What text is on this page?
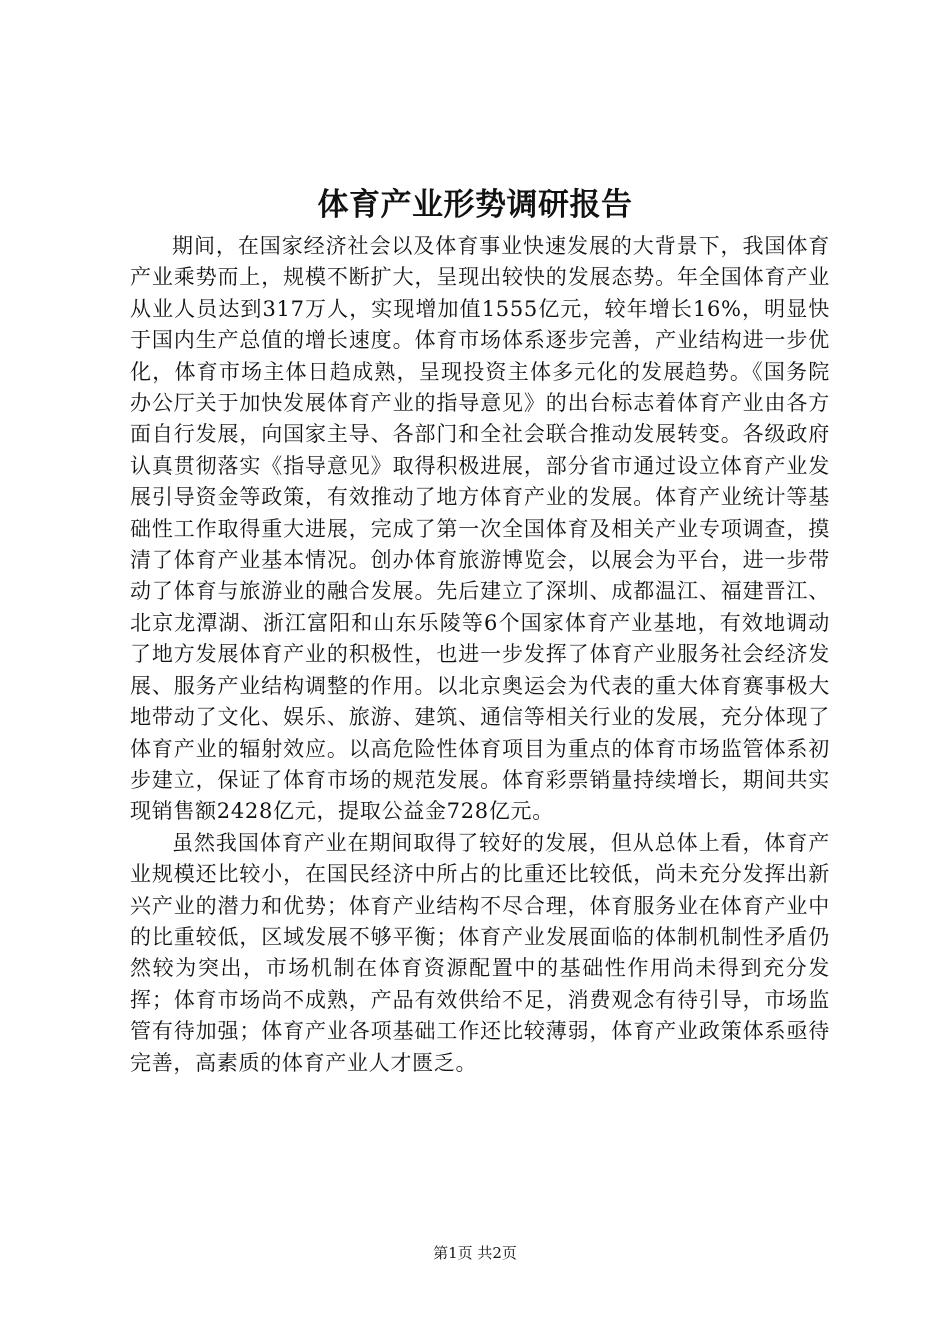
体育产业形势调研报告

期间，在国家经济社会以及体育事业快速发展的大背景下，我国体育产业乘势而上，规模不断扩大，呈现出较快的发展态势。年全国体育产业从业人员达到317万人，实现增加值1555亿元，较年增长16%，明显快于国内生产总值的增长速度。体育市场体系逐步完善，产业结构进一步优化，体育市场主体日趋成熟，呈现投资主体多元化的发展趋势。《国务院办公厅关于加快发展体育产业的指导意见》的出台标志着体育产业由各方面自行发展，向国家主导、各部门和全社会联合推动发展转变。各级政府认真贯彻落实《指导意见》取得积极进展，部分省市通过设立体育产业发展引导资金等政策，有效推动了地方体育产业的发展。体育产业统计等基础性工作取得重大进展，完成了第一次全国体育及相关产业专项调查，摸清了体育产业基本情况。创办体育旅游博览会，以展会为平台，进一步带动了体育与旅游业的融合发展。先后建立了深圳、成都温江、福建晋江、北京龙潭湖、浙江富阳和山东乐陵等6个国家体育产业基地，有效地调动了地方发展体育产业的积极性，也进一步发挥了体育产业服务社会经济发展、服务产业结构调整的作用。以北京奥运会为代表的重大体育赛事极大地带动了文化、娱乐、旅游、建筑、通信等相关行业的发展，充分体现了体育产业的辐射效应。以高危险性体育项目为重点的体育市场监管体系初步建立，保证了体育市场的规范发展。体育彩票销量持续增长，期间共实现销售额2428亿元，提取公益金728亿元。

虽然我国体育产业在期间取得了较好的发展，但从总体上看，体育产业规模还比较小，在国民经济中所占的比重还比较低，尚未充分发挥出新兴产业的潜力和优势；体育产业结构不尽合理，体育服务业在体育产业中的比重较低，区域发展不够平衡；体育产业发展面临的体制机制性矛盾仍然较为突出，市场机制在体育资源配置中的基础性作用尚未得到充分发挥；体育市场尚不成熟，产品有效供给不足，消费观念有待引导，市场监管有待加强；体育产业各项基础工作还比较薄弱，体育产业政策体系亟待完善，高素质的体育产业人才匮乏。

第1页 共2页
